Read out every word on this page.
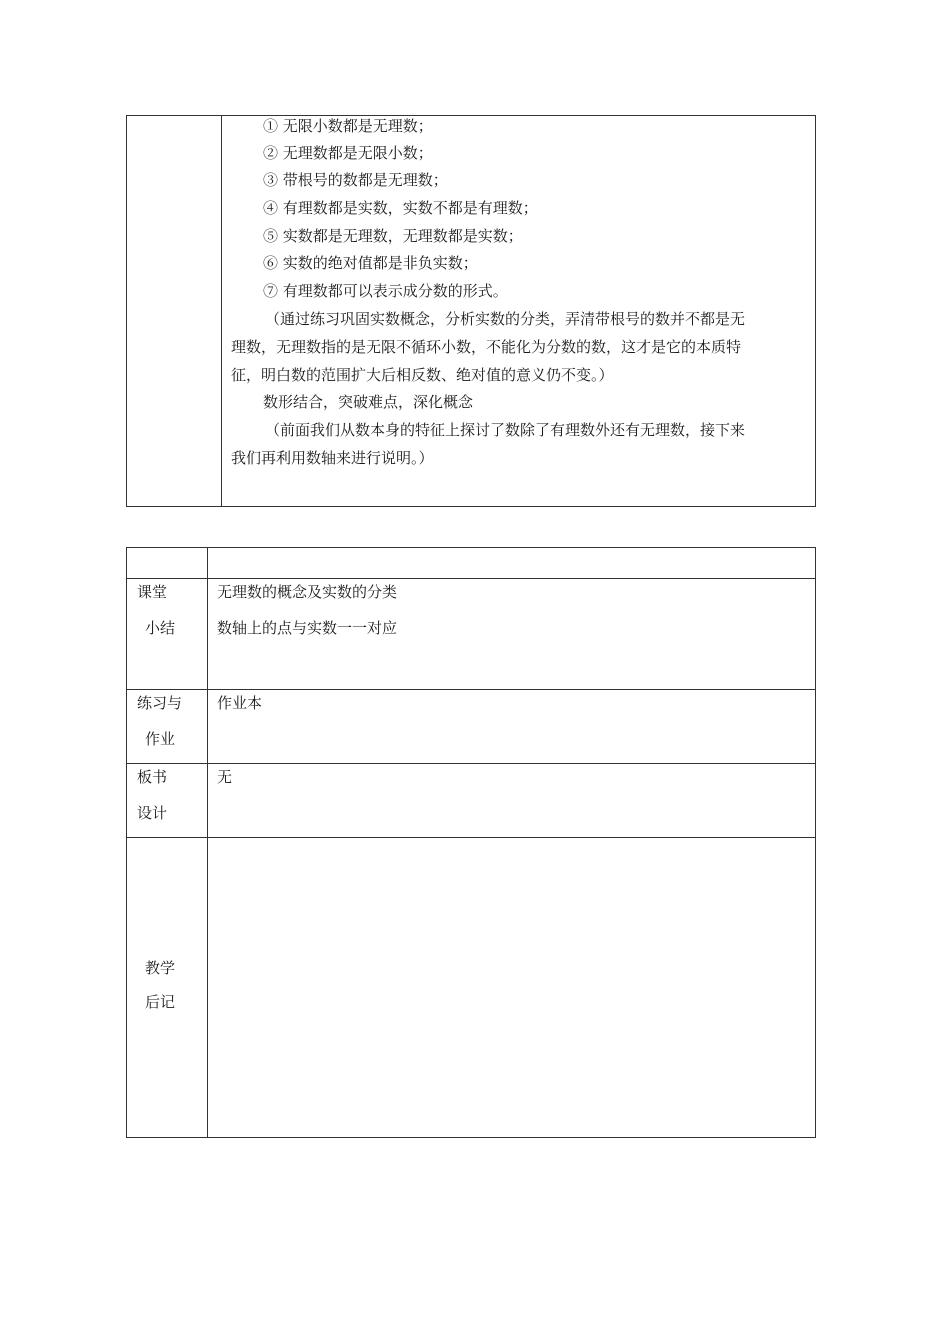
① 无限小数都是无理数；
② 无理数都是无限小数；
③ 带根号的数都是无理数；
④ 有理数都是实数，实数不都是有理数；
⑤ 实数都是无理数，无理数都是实数；
⑥ 实数的绝对值都是非负实数；
⑦ 有理数都可以表示成分数的形式。
（通过练习巩固实数概念，分析实数的分类，弄清带根号的数并不都是无
理数，无理数指的是无限不循环小数，不能化为分数的数，这才是它的本质特
征，明白数的范围扩大后相反数、绝对值的意义仍不变。）
数形结合，突破难点，深化概念
（前面我们从数本身的特征上探讨了数除了有理数外还有无理数，接下来
我们再利用数轴来进行说明。）
课堂
小结
无理数的概念及实数的分类
数轴上的点与实数一一对应
练习与
作业
作业本
板书
设计
无
教学
后记
